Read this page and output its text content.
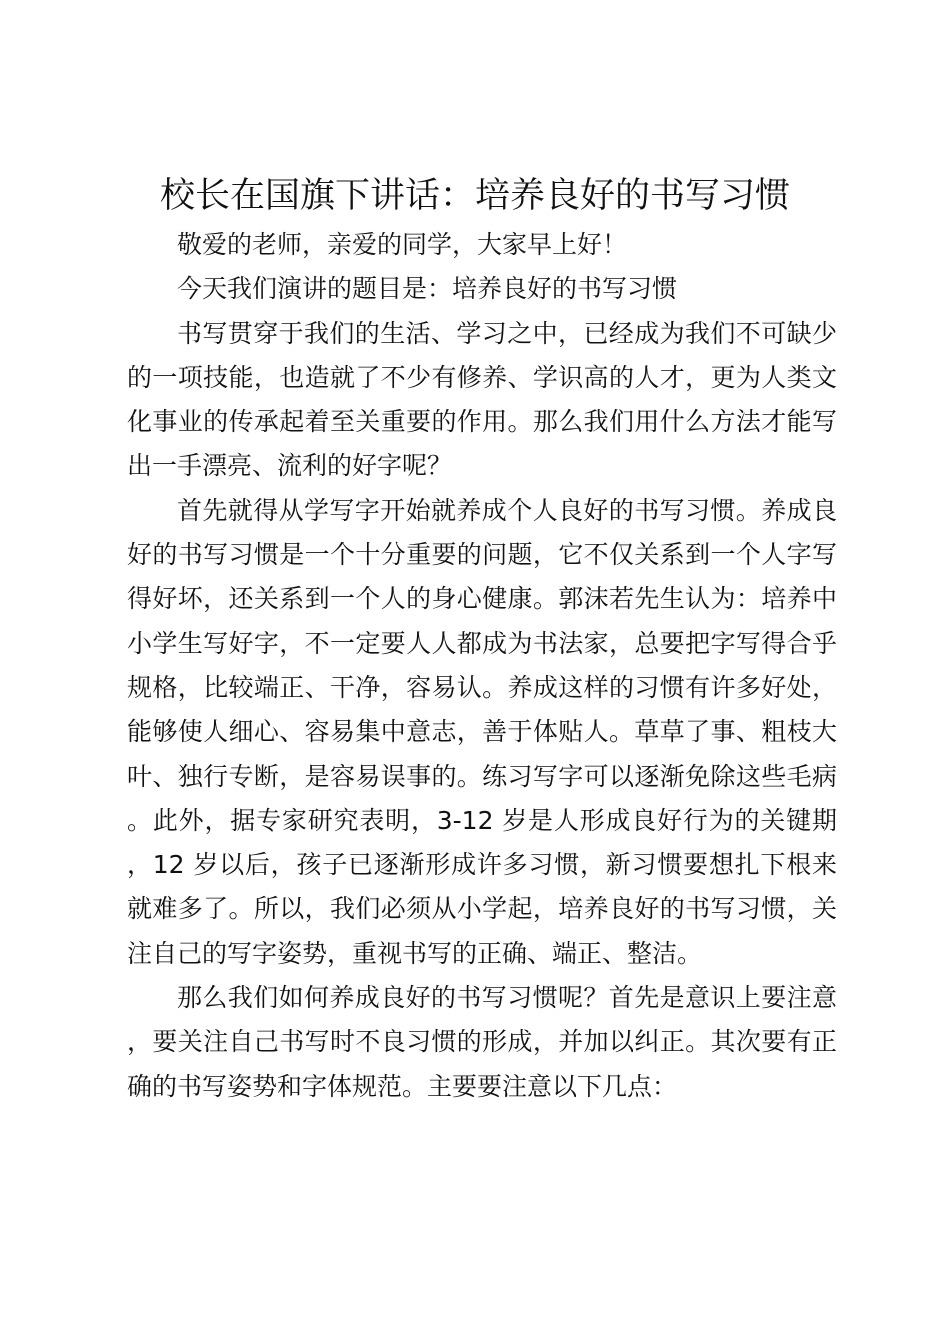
校长在国旗下讲话：培养良好的书写习惯

敬爱的老师，亲爱的同学，大家早上好！

今天我们演讲的题目是：培养良好的书写习惯

书写贯穿于我们的生活、学习之中，已经成为我们不可缺少的一项技能，也造就了不少有修养、学识高的人才，更为人类文化事业的传承起着至关重要的作用。那么我们用什么方法才能写出一手漂亮、流利的好字呢？

首先就得从学写字开始就养成个人良好的书写习惯。养成良好的书写习惯是一个十分重要的问题，它不仅关系到一个人字写得好坏，还关系到一个人的身心健康。郭沫若先生认为：培养中小学生写好字，不一定要人人都成为书法家，总要把字写得合乎规格，比较端正、干净，容易认。养成这样的习惯有许多好处，能够使人细心、容易集中意志，善于体贴人。草草了事、粗枝大叶、独行专断，是容易误事的。练习写字可以逐渐免除这些毛病。此外，据专家研究表明，3-12 岁是人形成良好行为的关键期，12 岁以后，孩子已逐渐形成许多习惯，新习惯要想扎下根来就难多了。所以，我们必须从小学起，培养良好的书写习惯，关注自己的写字姿势，重视书写的正确、端正、整洁。

那么我们如何养成良好的书写习惯呢？首先是意识上要注意，要关注自己书写时不良习惯的形成，并加以纠正。其次要有正确的书写姿势和字体规范。主要要注意以下几点：
